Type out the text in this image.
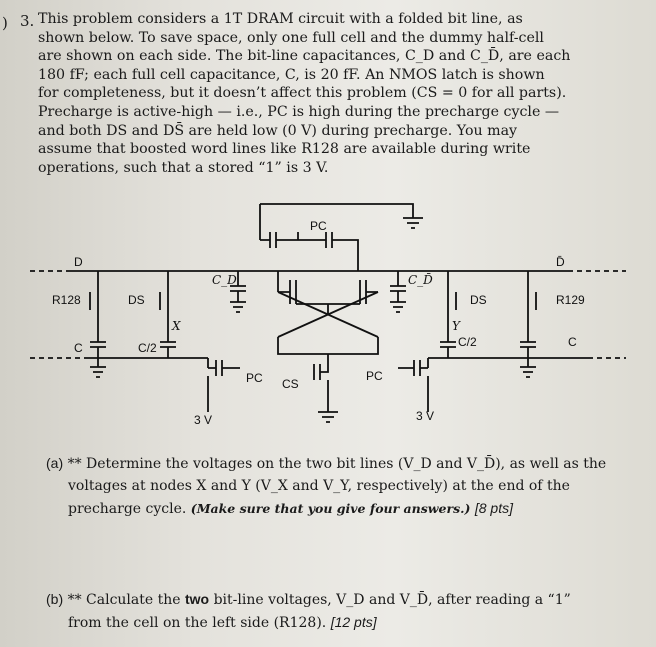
) 3. This problem considers a 1T DRAM circuit with a folded bit line, as
shown below. To save space, only one full cell and the dummy half-cell
are shown on each side. The bit-line capacitances, C_D and C_D̄, are each
180 fF; each full cell capacitance, C, is 20 fF. An NMOS latch is shown
for completeness, but it doesn’t affect this problem (CS = 0 for all parts).
Precharge is active-high — i.e., PC is high during the precharge cycle —
and both DS and DS̄ are held low (0 V) during precharge. You may
assume that boosted word lines like R128 are available during write
operations, such that a stored “1” is 3 V.
PC
D	D̄
C_D	C_D̄
R128	R129
DS	DS
X	Y
C	C
C/2	C/2
PC	PC
CS
3 V	3 V
(a) ** Determine the voltages on the two bit lines (V_D and V_D̄), as well as the
voltages at nodes X and Y (V_X and V_Y, respectively) at the end of the
precharge cycle. (Make sure that you give four answers.) [8 pts]
(b) ** Calculate the two bit-line voltages, V_D and V_D̄, after reading a “1”
from the cell on the left side (R128). [12 pts]
